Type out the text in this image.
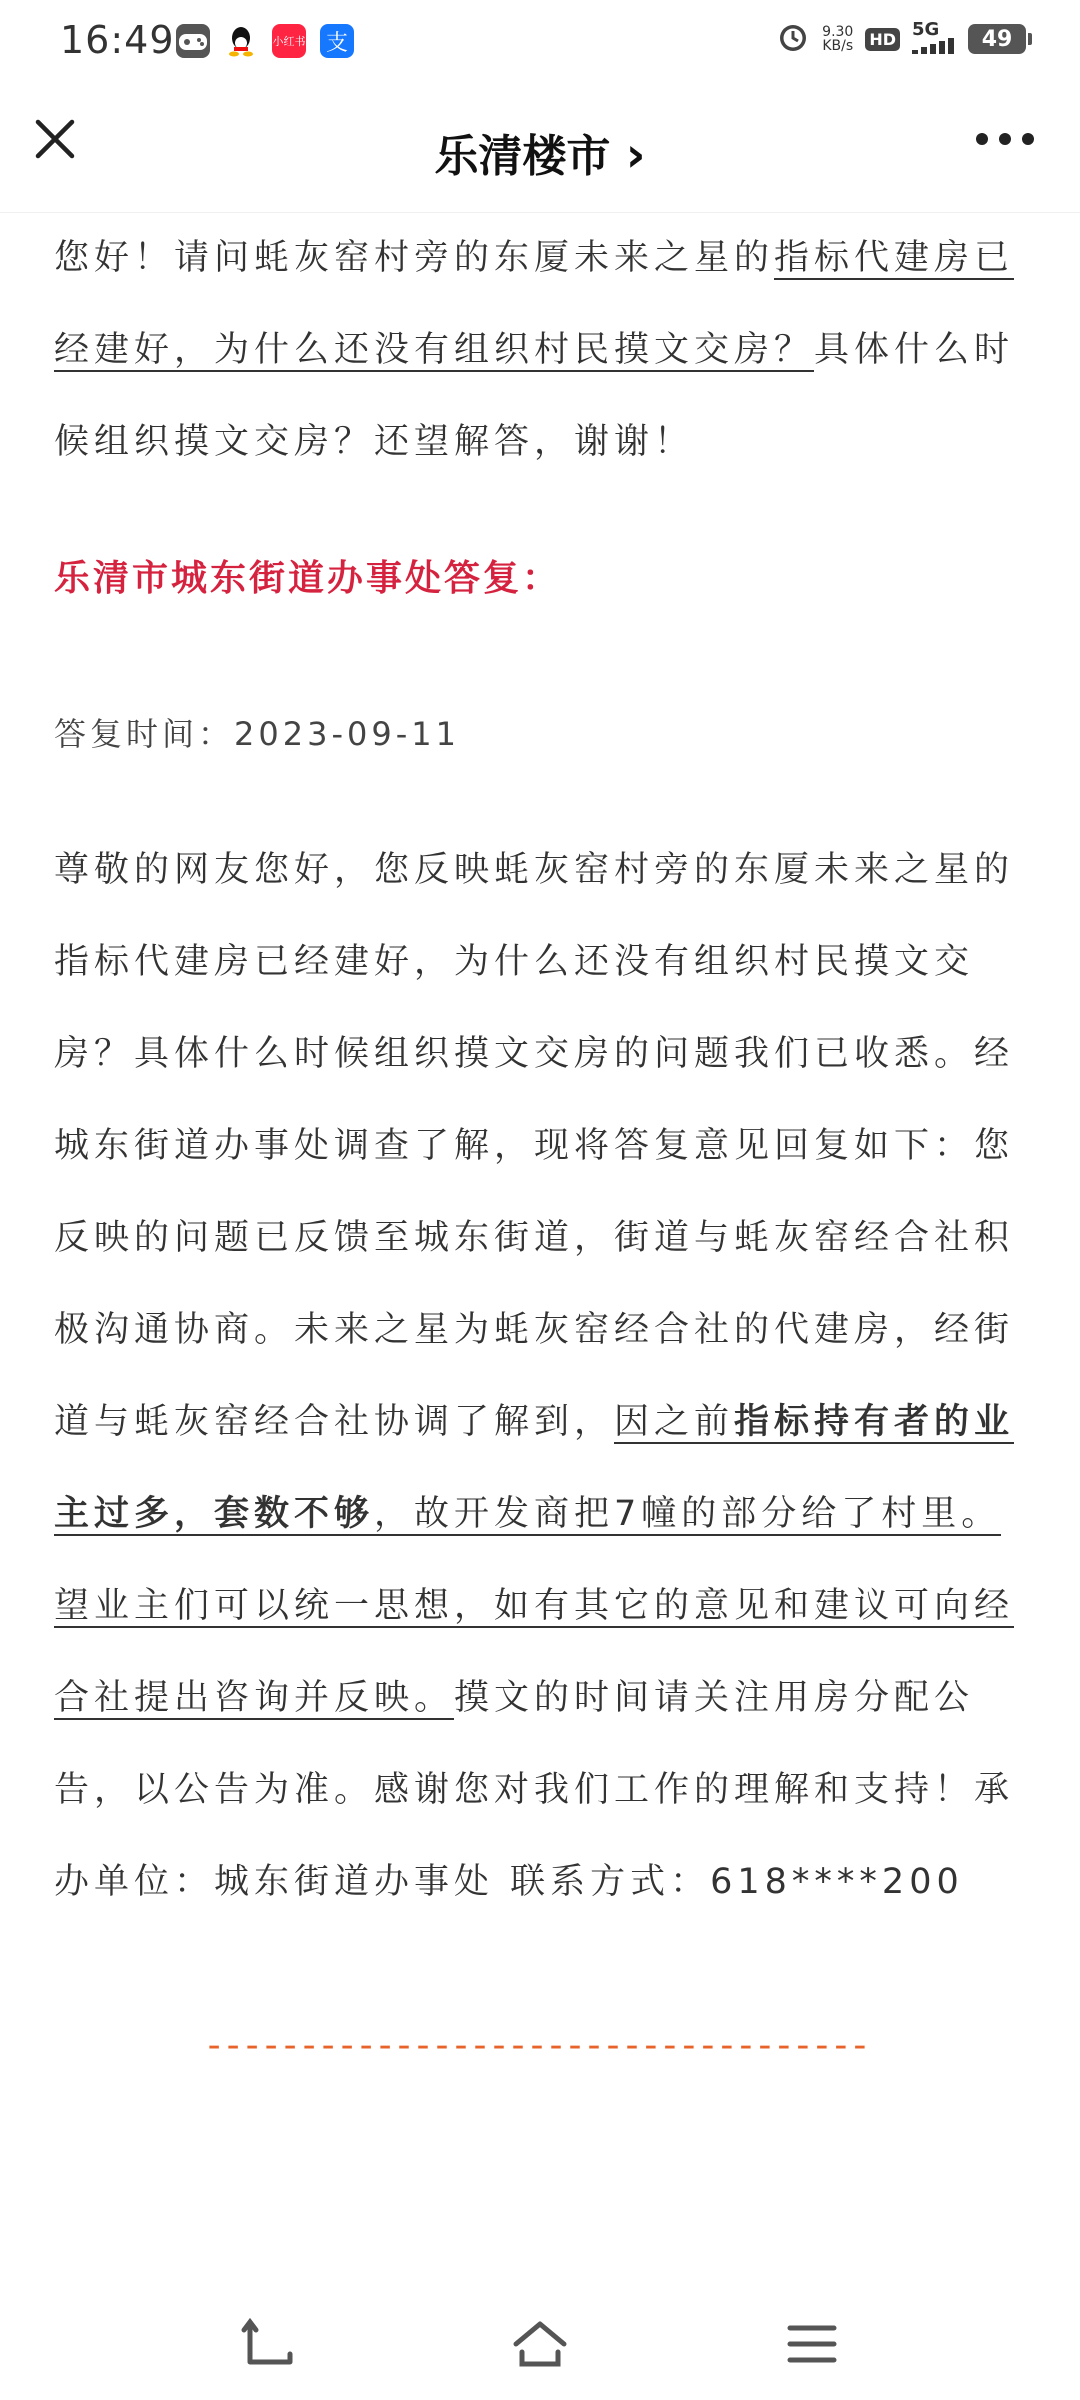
16:49	小红书 支	9.30
KB/s HD 5G	49
乐清楼市 ›

您好！请问蚝灰窑村旁的东厦未来之星的指标代建房已经建好，为什么还没有组织村民摸文交房？具体什么时候组织摸文交房？还望解答，谢谢！

乐清市城东街道办事处答复：
答复时间：2023-09-11

尊敬的网友您好，您反映蚝灰窑村旁的东厦未来之星的指标代建房已经建好，为什么还没有组织村民摸文交房？具体什么时候组织摸文交房的问题我们已收悉。经城东街道办事处调查了解，现将答复意见回复如下：您反映的问题已反馈至城东街道，街道与蚝灰窑经合社积极沟通协商。未来之星为蚝灰窑经合社的代建房，经街道与蚝灰窑经合社协调了解到，因之前指标持有者的业主过多，套数不够，故开发商把7幢的部分给了村里。望业主们可以统一思想，如有其它的意见和建议可向经合社提出咨询并反映。摸文的时间请关注用房分配公告，以公告为准。感谢您对我们工作的理解和支持！承办单位：城东街道办事处 联系方式：618****200

-----------------------------------
